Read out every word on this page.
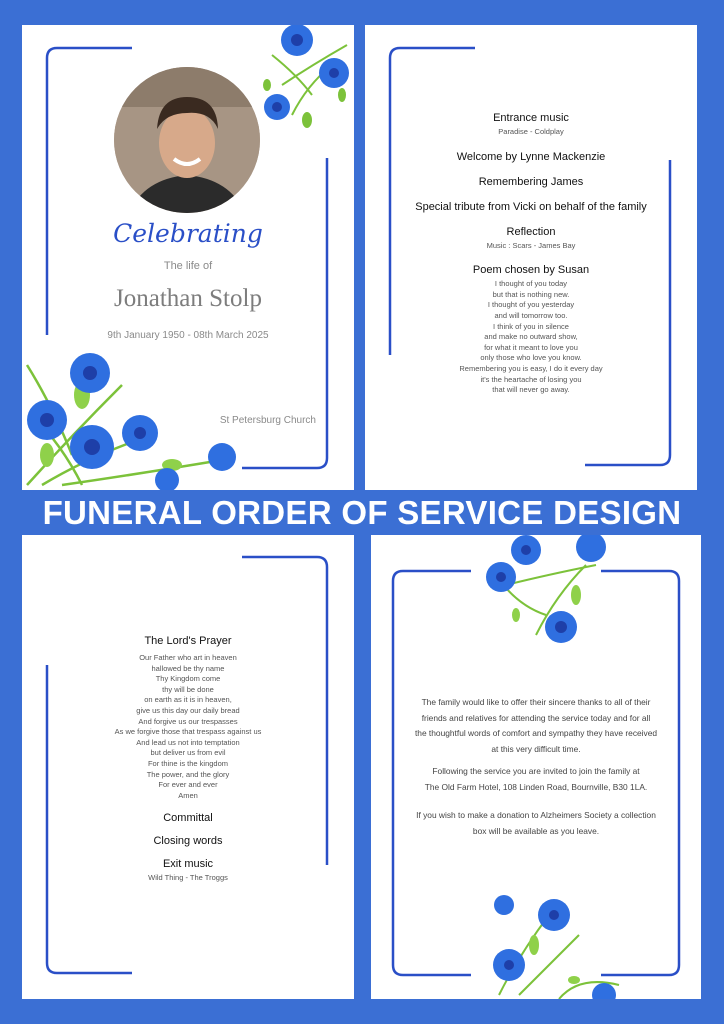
Celebrating
The life of
Jonathan Stolp
9th January 1950 - 08th March 2025
St Petersburg Church
Entrance music
Paradise - Coldplay
Welcome by Lynne Mackenzie
Remembering James
Special tribute from Vicki on behalf of the family
Reflection
Music : Scars - James Bay
Poem chosen by Susan
I thought of you today
but that is nothing new.
I thought of you yesterday
and will tomorrow too.
I think of you in silence
and make no outward show,
for what it meant to love you
only those who love you know.
Remembering you is easy, I do it every day
it's the heartache of losing you
that will never go away.
FUNERAL ORDER OF SERVICE DESIGN
The Lord's Prayer
Our Father who art in heaven
hallowed be thy name
Thy Kingdom come
thy will be done
on earth as it is in heaven,
give us this day our daily bread
And forgive us our trespasses
As we forgive those that trespass against us
And lead us not into temptation
but deliver us from evil
For thine is the kingdom
The power, and the glory
For ever and ever
Amen
Committal
Closing words
Exit music
Wild Thing - The Troggs
The family would like to offer their sincere thanks to all of their
friends and relatives for attending the service today and for all
the thoughtful words of comfort and sympathy they have received
at this very difficult time.
Following the service you are invited to join the family at
The Old Farm Hotel, 108 Linden Road, Bournville, B30 1LA.
If you wish to make a donation to Alzheimers Society a collection
box will be available as you leave.
